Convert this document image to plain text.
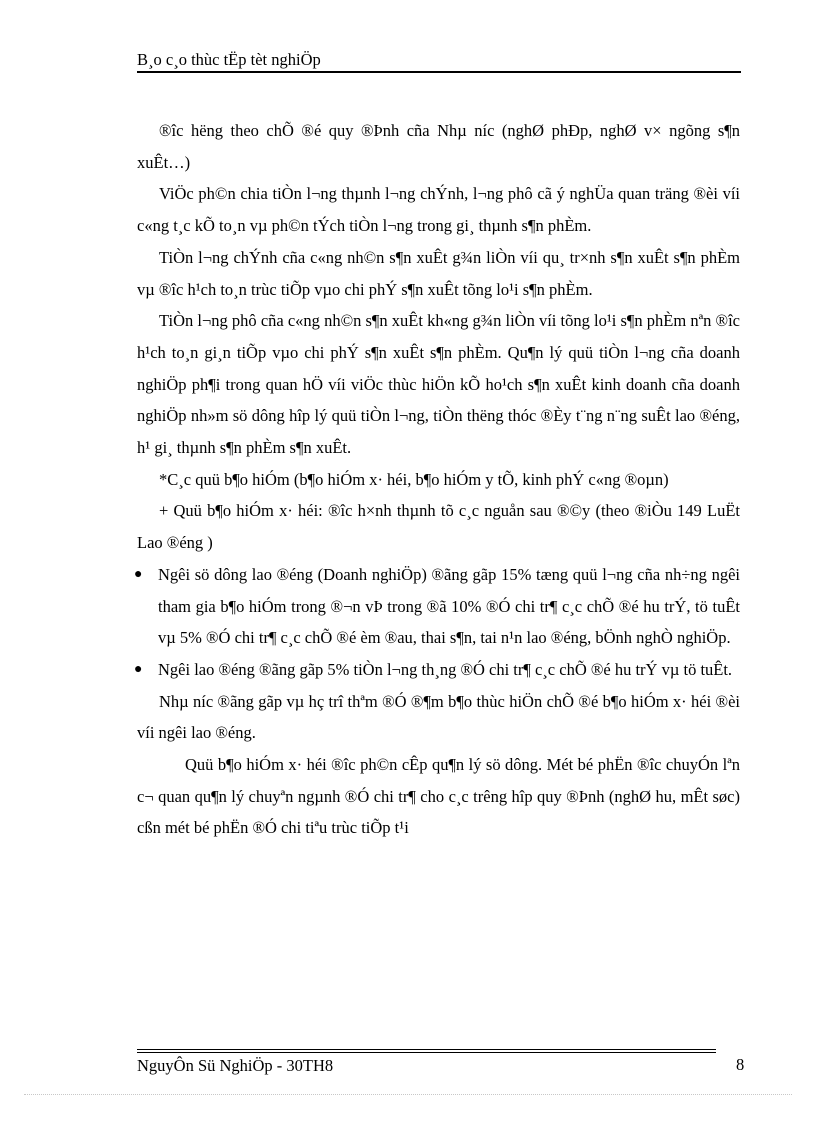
B¸o c¸o thùc tËp tèt nghiÖp

®îc hëng theo chÕ ®é quy ®Þnh cña Nhµ níc (nghØ phÐp, nghØ v× ngõng s¶n xuÊt…)

ViÖc ph©n chia tiÒn l¬ng thµnh l¬ng chÝnh, l¬ng phô cã ý nghÜa quan träng ®èi víi c«ng t¸c kÕ to¸n vµ ph©n tÝch tiÒn l¬ng trong gi¸ thµnh s¶n phÈm.

TiÒn l¬ng chÝnh cña c«ng nh©n s¶n xuÊt g¾n liÒn víi qu¸ tr×nh s¶n xuÊt s¶n phÈm vµ ®îc h¹ch to¸n trùc tiÕp vµo chi phÝ s¶n xuÊt tõng lo¹i s¶n phÈm.

TiÒn l¬ng phô cña c«ng nh©n s¶n xuÊt kh«ng g¾n liÒn víi tõng lo¹i s¶n phÈm nªn ®îc h¹ch to¸n gi¸n tiÕp vµo chi phÝ s¶n xuÊt s¶n phÈm. Qu¶n lý quü tiÒn l¬ng cña doanh nghiÖp ph¶i trong quan hÖ víi viÖc thùc hiÖn kÕ ho¹ch s¶n xuÊt kinh doanh cña doanh nghiÖp nh»m sö dông hîp lý quü tiÒn l¬ng, tiÒn thëng thóc ®Èy t¨ng n¨ng suÊt lao ®éng, h¹ gi¸ thµnh s¶n phÈm s¶n xuÊt.

*C¸c quü b¶o hiÓm (b¶o hiÓm x· héi, b¶o hiÓm y tÕ, kinh phÝ c«ng ®oµn)

+ Quü b¶o hiÓm x· héi: ®îc h×nh thµnh tõ c¸c nguån sau ®©y (theo ®iÒu 149 LuËt Lao ®éng )

● Ngêi sö dông lao ®éng (Doanh nghiÖp) ®ãng gãp 15% tæng quü l¬ng cña nh÷ng ngêi tham gia b¶o hiÓm trong ®¬n vÞ trong ®ã 10% ®Ó chi tr¶ c¸c chÕ ®é hu trÝ, tö tuÊt vµ 5% ®Ó chi tr¶ c¸c chÕ ®é èm ®au, thai s¶n, tai n¹n lao ®éng, bÖnh nghÒ nghiÖp.
● Ngêi lao ®éng ®ãng gãp 5% tiÒn l¬ng th¸ng ®Ó chi tr¶ c¸c chÕ ®é hu trÝ vµ tö tuÊt.

Nhµ níc ®ãng gãp vµ hç trî thªm ®Ó ®¶m b¶o thùc hiÖn chÕ ®é b¶o hiÓm x· héi ®èi víi ngêi lao ®éng.

Quü b¶o hiÓm x· héi ®îc ph©n cÊp qu¶n lý sö dông. Mét bé phËn ®îc chuyÓn lªn c¬ quan qu¶n lý chuyªn ngµnh ®Ó chi tr¶ cho c¸c trêng hîp quy ®Þnh (nghØ hu, mÊt søc) cßn mét bé phËn ®Ó chi tiªu trùc tiÕp t¹i

NguyÔn Sü NghiÖp - 30TH8	8
